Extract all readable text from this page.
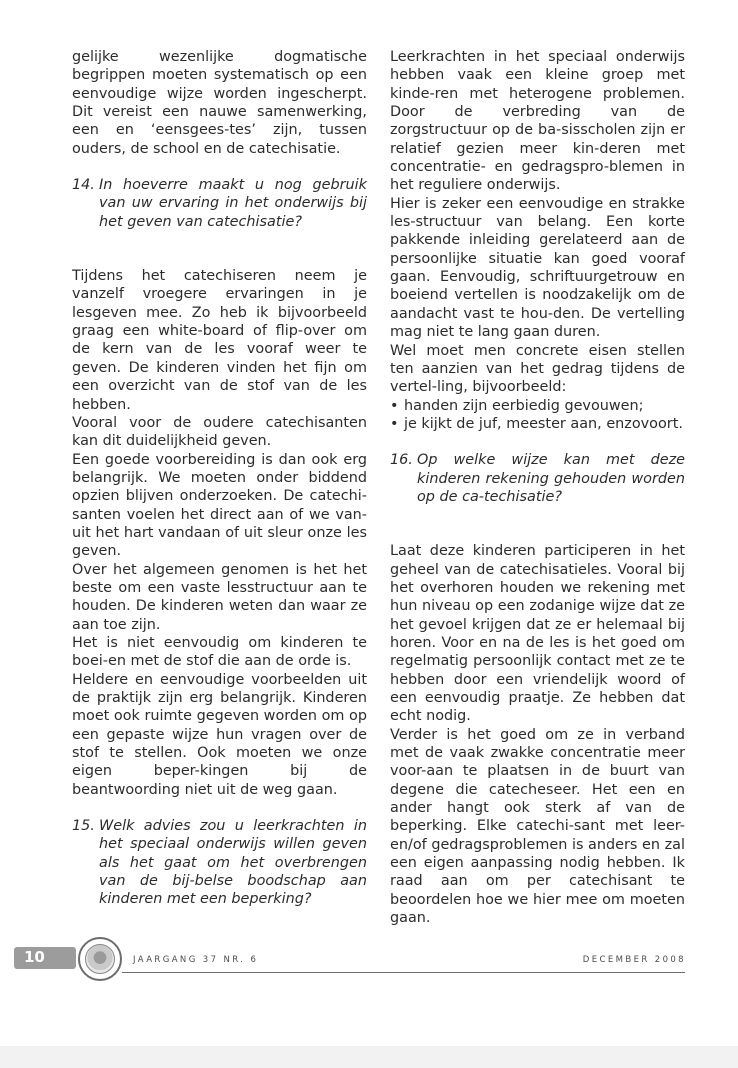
gelijke wezenlijke dogmatische begrippen moeten systematisch op een eenvoudige wijze worden ingescherpt. Dit vereist een nauwe samenwerking, een en ‘eensgees-tes’ zijn, tussen ouders, de school en de catechisatie.

14. In hoeverre maakt u nog gebruik van uw ervaring in het onderwijs bij het geven van catechisatie?

Tijdens het catechiseren neem je vanzelf vroegere ervaringen in je lesgeven mee. Zo heb ik bijvoorbeeld graag een white-board of flip-over om de kern van de les vooraf weer te geven. De kinderen vinden het fijn om een overzicht van de stof van de les hebben.

Vooral voor de oudere catechisanten kan dit duidelijkheid geven.

Een goede voorbereiding is dan ook erg belangrijk. We moeten onder biddend opzien blijven onderzoeken. De catechi-santen voelen het direct aan of we van-uit het hart vandaan of uit sleur onze les geven.

Over het algemeen genomen is het het beste om een vaste lesstructuur aan te houden. De kinderen weten dan waar ze aan toe zijn.

Het is niet eenvoudig om kinderen te boei-en met de stof die aan de orde is.

Heldere en eenvoudige voorbeelden uit de praktijk zijn erg belangrijk. Kinderen moet ook ruimte gegeven worden om op een gepaste wijze hun vragen over de stof te stellen. Ook moeten we onze eigen beper-kingen bij de beantwoording niet uit de weg gaan.

15. Welk advies zou u leerkrachten in het speciaal onderwijs willen geven als het gaat om het overbrengen van de bij-belse boodschap aan kinderen met een beperking?

Leerkrachten in het speciaal onderwijs hebben vaak een kleine groep met kinde-ren met heterogene problemen. Door de verbreding van de zorgstructuur op de ba-sisscholen zijn er relatief gezien meer kin-deren met concentratie- en gedragspro-blemen in het reguliere onderwijs.

Hier is zeker een eenvoudige en strakke les-structuur van belang. Een korte pakkende inleiding gerelateerd aan de persoonlijke situatie kan goed vooraf gaan. Eenvoudig, schriftuurgetrouw en boeiend vertellen is noodzakelijk om de aandacht vast te hou-den. De vertelling mag niet te lang gaan duren.

Wel moet men concrete eisen stellen ten aanzien van het gedrag tijdens de vertel-ling, bijvoorbeeld:

• handen zijn eerbiedig gevouwen;
• je kijkt de juf, meester aan, enzovoort.
16. Op welke wijze kan met deze kinderen rekening gehouden worden op de ca-techisatie?

Laat deze kinderen participeren in het geheel van de catechisatieles. Vooral bij het overhoren houden we rekening met hun niveau op een zodanige wijze dat ze het gevoel krijgen dat ze er helemaal bij horen. Voor en na de les is het goed om regelmatig persoonlijk contact met ze te hebben door een vriendelijk woord of een eenvoudig praatje. Ze hebben dat echt nodig.

Verder is het goed om ze in verband met de vaak zwakke concentratie meer voor-aan te plaatsen in de buurt van degene die catecheseer. Het een en ander hangt ook sterk af van de beperking. Elke catechi-sant met leer- en/of gedragsproblemen is anders en zal een eigen aanpassing nodig hebben. Ik raad aan om per catechisant te beoordelen hoe we hier mee om moeten gaan.

10	JAARGANG 37 NR. 6	DECEMBER 2008
